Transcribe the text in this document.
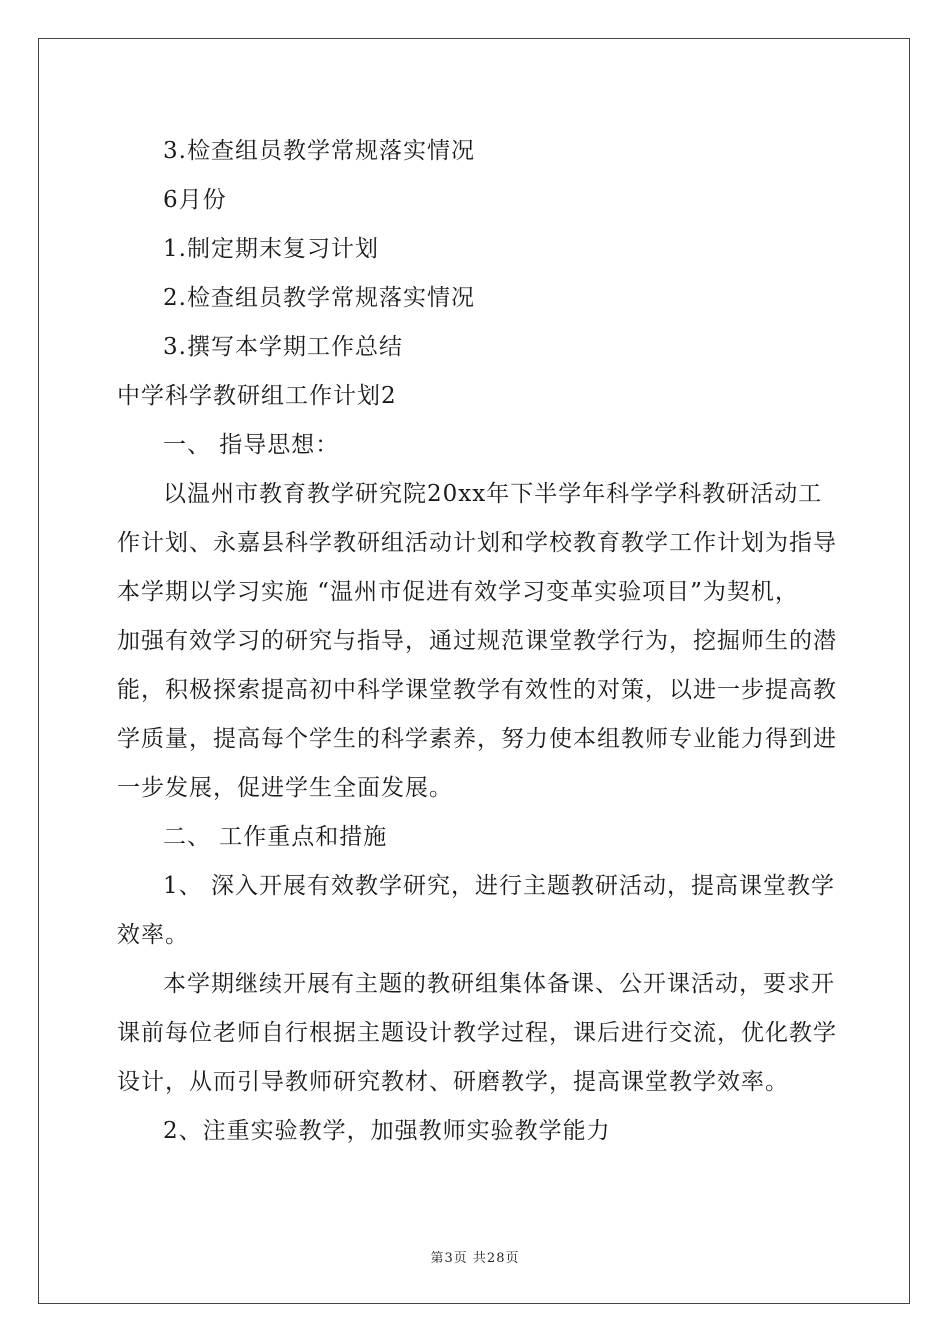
3.检查组员教学常规落实情况
6月份
1.制定期末复习计划
2.检查组员教学常规落实情况
3.撰写本学期工作总结
中学科学教研组工作计划2
一、 指导思想：
以温州市教育教学研究院20xx年下半学年科学学科教研活动工
作计划、永嘉县科学教研组活动计划和学校教育教学工作计划为指导
本学期以学习实施 “温州市促进有效学习变革实验项目”为契机，
加强有效学习的研究与指导，通过规范课堂教学行为，挖掘师生的潜
能，积极探索提高初中科学课堂教学有效性的对策，以进一步提高教
学质量，提高每个学生的科学素养，努力使本组教师专业能力得到进
一步发展，促进学生全面发展。
二、 工作重点和措施
1、 深入开展有效教学研究，进行主题教研活动，提高课堂教学
效率。
本学期继续开展有主题的教研组集体备课、公开课活动，要求开
课前每位老师自行根据主题设计教学过程，课后进行交流，优化教学
设计，从而引导教师研究教材、研磨教学，提高课堂教学效率。
2、注重实验教学，加强教师实验教学能力
第3页 共28页
